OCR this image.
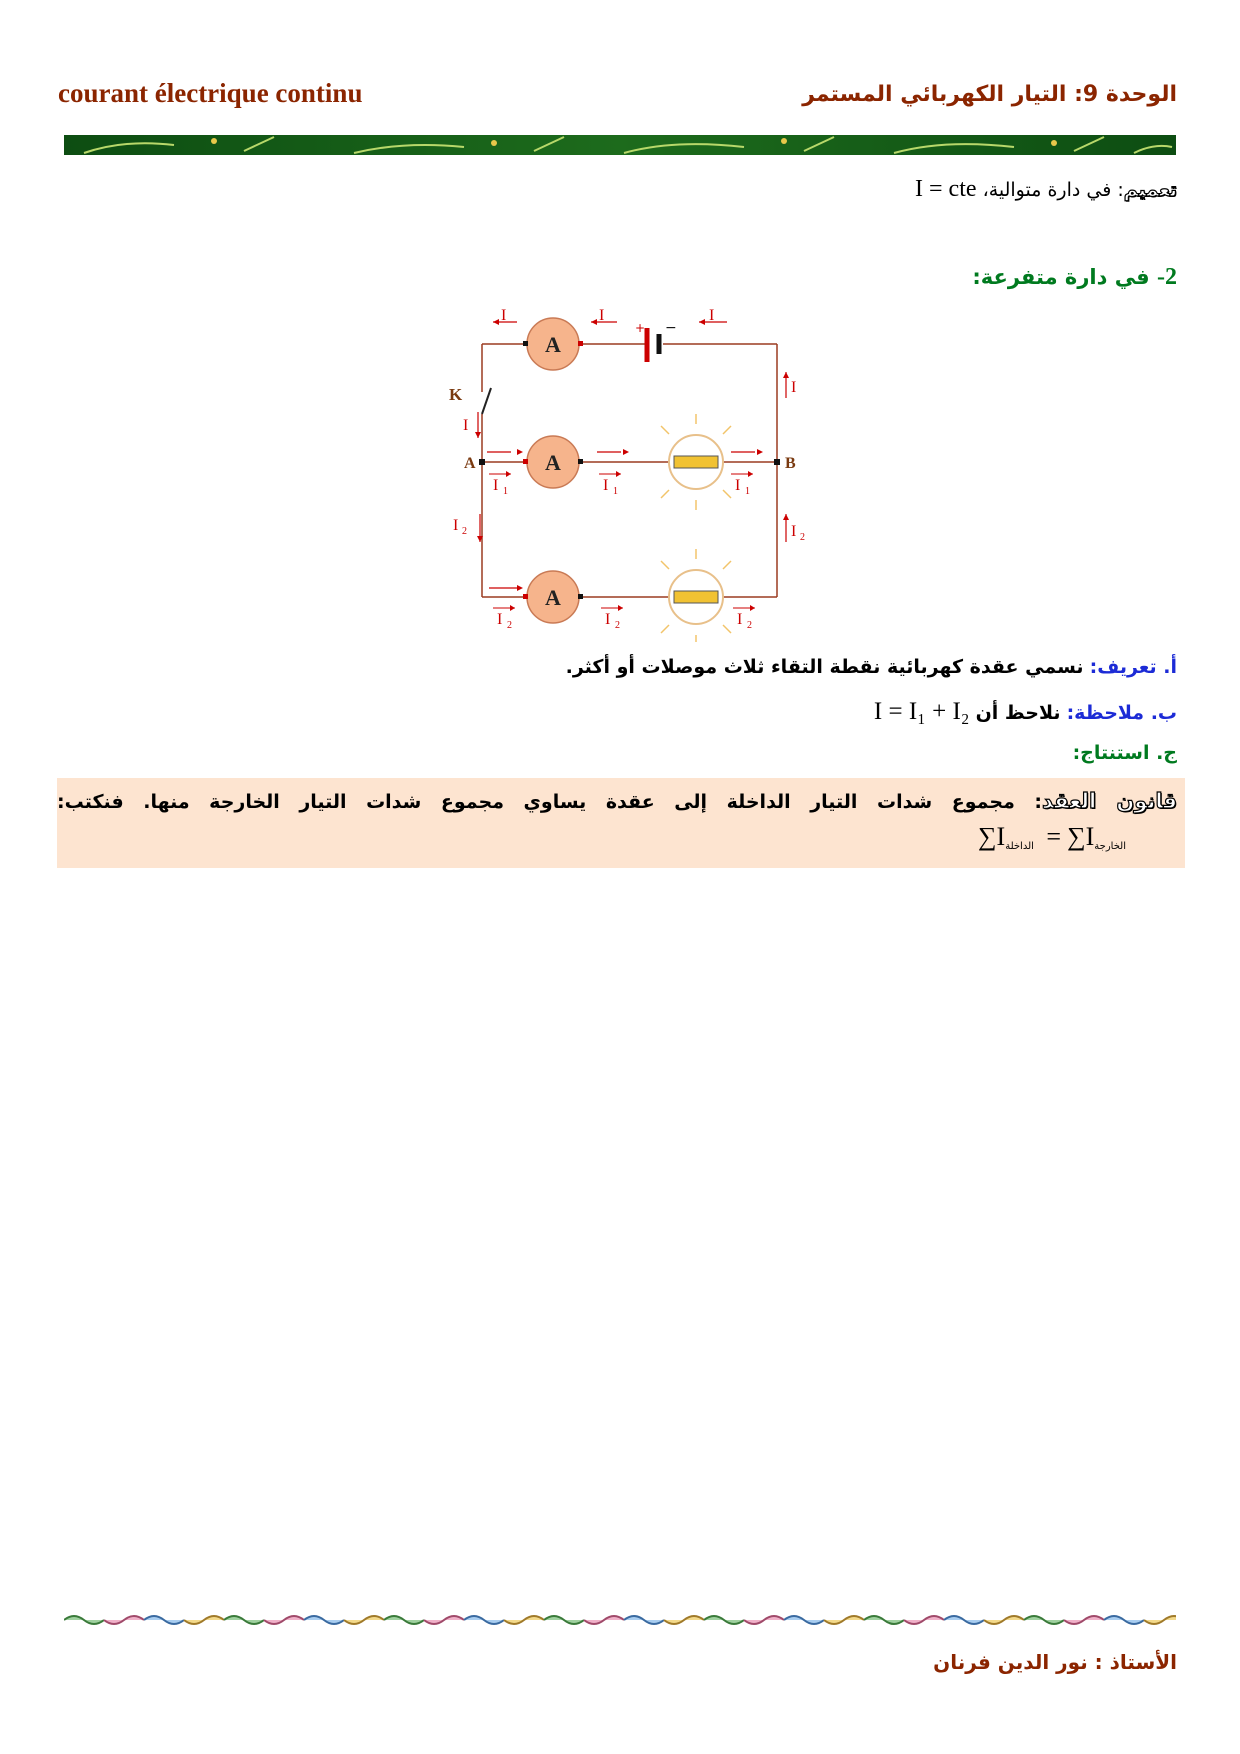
courant électrique continu	الوحدة 9: التيار الكهربائي المستمر
تعميم: في دارة متوالية، I = cte
-2 في دارة متفرعة:
K
+ −
A
A
A
A	B
I	I	I
I
I
I 1	I 1	I 1
I 2	I 2
I 2	I 2	I 2
أ. تعريف: نسمي عقدة كهربائية نقطة التقاء ثلاث موصلات أو أكثر.
ب. ملاحظة: نلاحظ أن I = I₁ + I₂
ج. استنتاج:
قانون العقد: مجموع شدات التيار الداخلة إلى عقدة يساوي مجموع شدات التيار الخارجة منها. فنكتب:
∑Iالداخلة = ∑Iالخارجة
الأستاذ : نور الدين فرنان
